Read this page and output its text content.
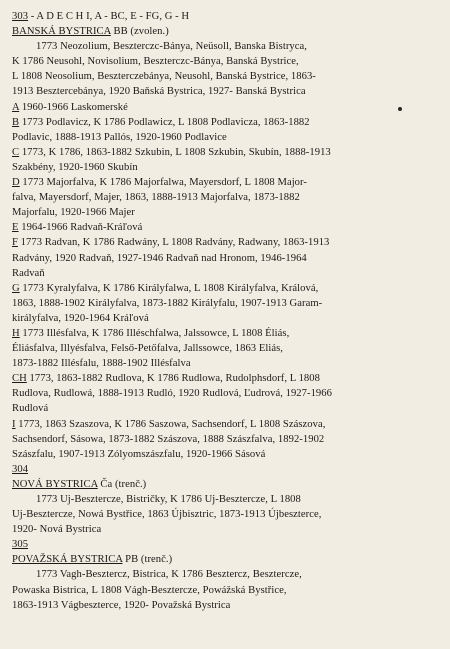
303 - A D E C H I, A - BC, E - FG, G - H
BANSKÁ BYSTRICA BB (zvolen.)
1773 Neozolium, Beszterczc-Bánya, Neüsoll, Banska Bistryca,
K 1786 Neusohl, Novisolium, Beszterczc-Bánya, Banská Bystrice,
L 1808 Neosolium, Beszterczebánya, Neusohl, Banská Bystrice, 1863-
1913 Besztercebánya, 1920 Baňská Bystrica, 1927- Banská Bystrica
A 1960-1966 Laskomerské
B 1773 Podlavicz, K 1786 Podlawicz, L 1808 Podlavicza, 1863-1882
Podlavic, 1888-1913 Pallós, 1920-1960 Podlavice
C 1773, K 1786, 1863-1882 Szkubin, L 1808 Szkubin, Skubín, 1888-1913
Szakbény, 1920-1960 Skubín
D 1773 Majorfalva, K 1786 Majorfalwa, Mayersdorf, L 1808 Major-
falva, Mayersdorf, Majer, 1863, 1888-1913 Majorfalva, 1873-1882
Majorfalu, 1920-1966 Majer
E 1964-1966 Radvaň-Kráľová
F 1773 Radvan, K 1786 Radwány, L 1808 Radvány, Radwany, 1863-1913
Radvány, 1920 Radvaň, 1927-1946 Radvaň nad Hronom, 1946-1964
Radvaň
G 1773 Kyralyfalva, K 1786 Királyfalwa, L 1808 Királyfalva, Králová,
1863, 1888-1902 Királyfalva, 1873-1882 Királyfalu, 1907-1913 Garam-
királyfalva, 1920-1964 Kráľová
H 1773 Illésfalva, K 1786 Illéschfalwa, Jalssowce, L 1808 Éliás,
Éliásfalva, Illyésfalva, Felső-Petőfalva, Jallssowce, 1863 Eliás,
1873-1882 Illésfalu, 1888-1902 Illésfalva
CH 1773, 1863-1882 Rudlova, K 1786 Rudlowa, Rudolphsdorf, L 1808
Rudlova, Rudlowá, 1888-1913 Rudló, 1920 Rudlová, Ľudrová, 1927-1966
Rudlová
I 1773, 1863 Szaszova, K 1786 Saszowa, Sachsendorf, L 1808 Szászova,
Sachsendorf, Sásowa, 1873-1882 Szászova, 1888 Szászfalva, 1892-1902
Szászfalu, 1907-1913 Zólyomszászfalu, 1920-1966 Sásová
304
NOVÁ BYSTRICA Ča (trenč.)
1773 Uj-Besztercze, Bistričky, K 1786 Uj-Besztercze, L 1808
Uj-Besztercze, Nowá Bystřice, 1863 Újbisztric, 1873-1913 Újbeszterce,
1920- Nová Bystrica
305
POVAŽSKÁ BYSTRICA PB (trenč.)
1773 Vagh-Besztercz, Bistrica, K 1786 Besztercz, Besztercze,
Powaska Bistrica, L 1808 Vágh-Besztercze, Powážská Bystřice,
1863-1913 Vágbeszterce, 1920- Považská Bystrica
